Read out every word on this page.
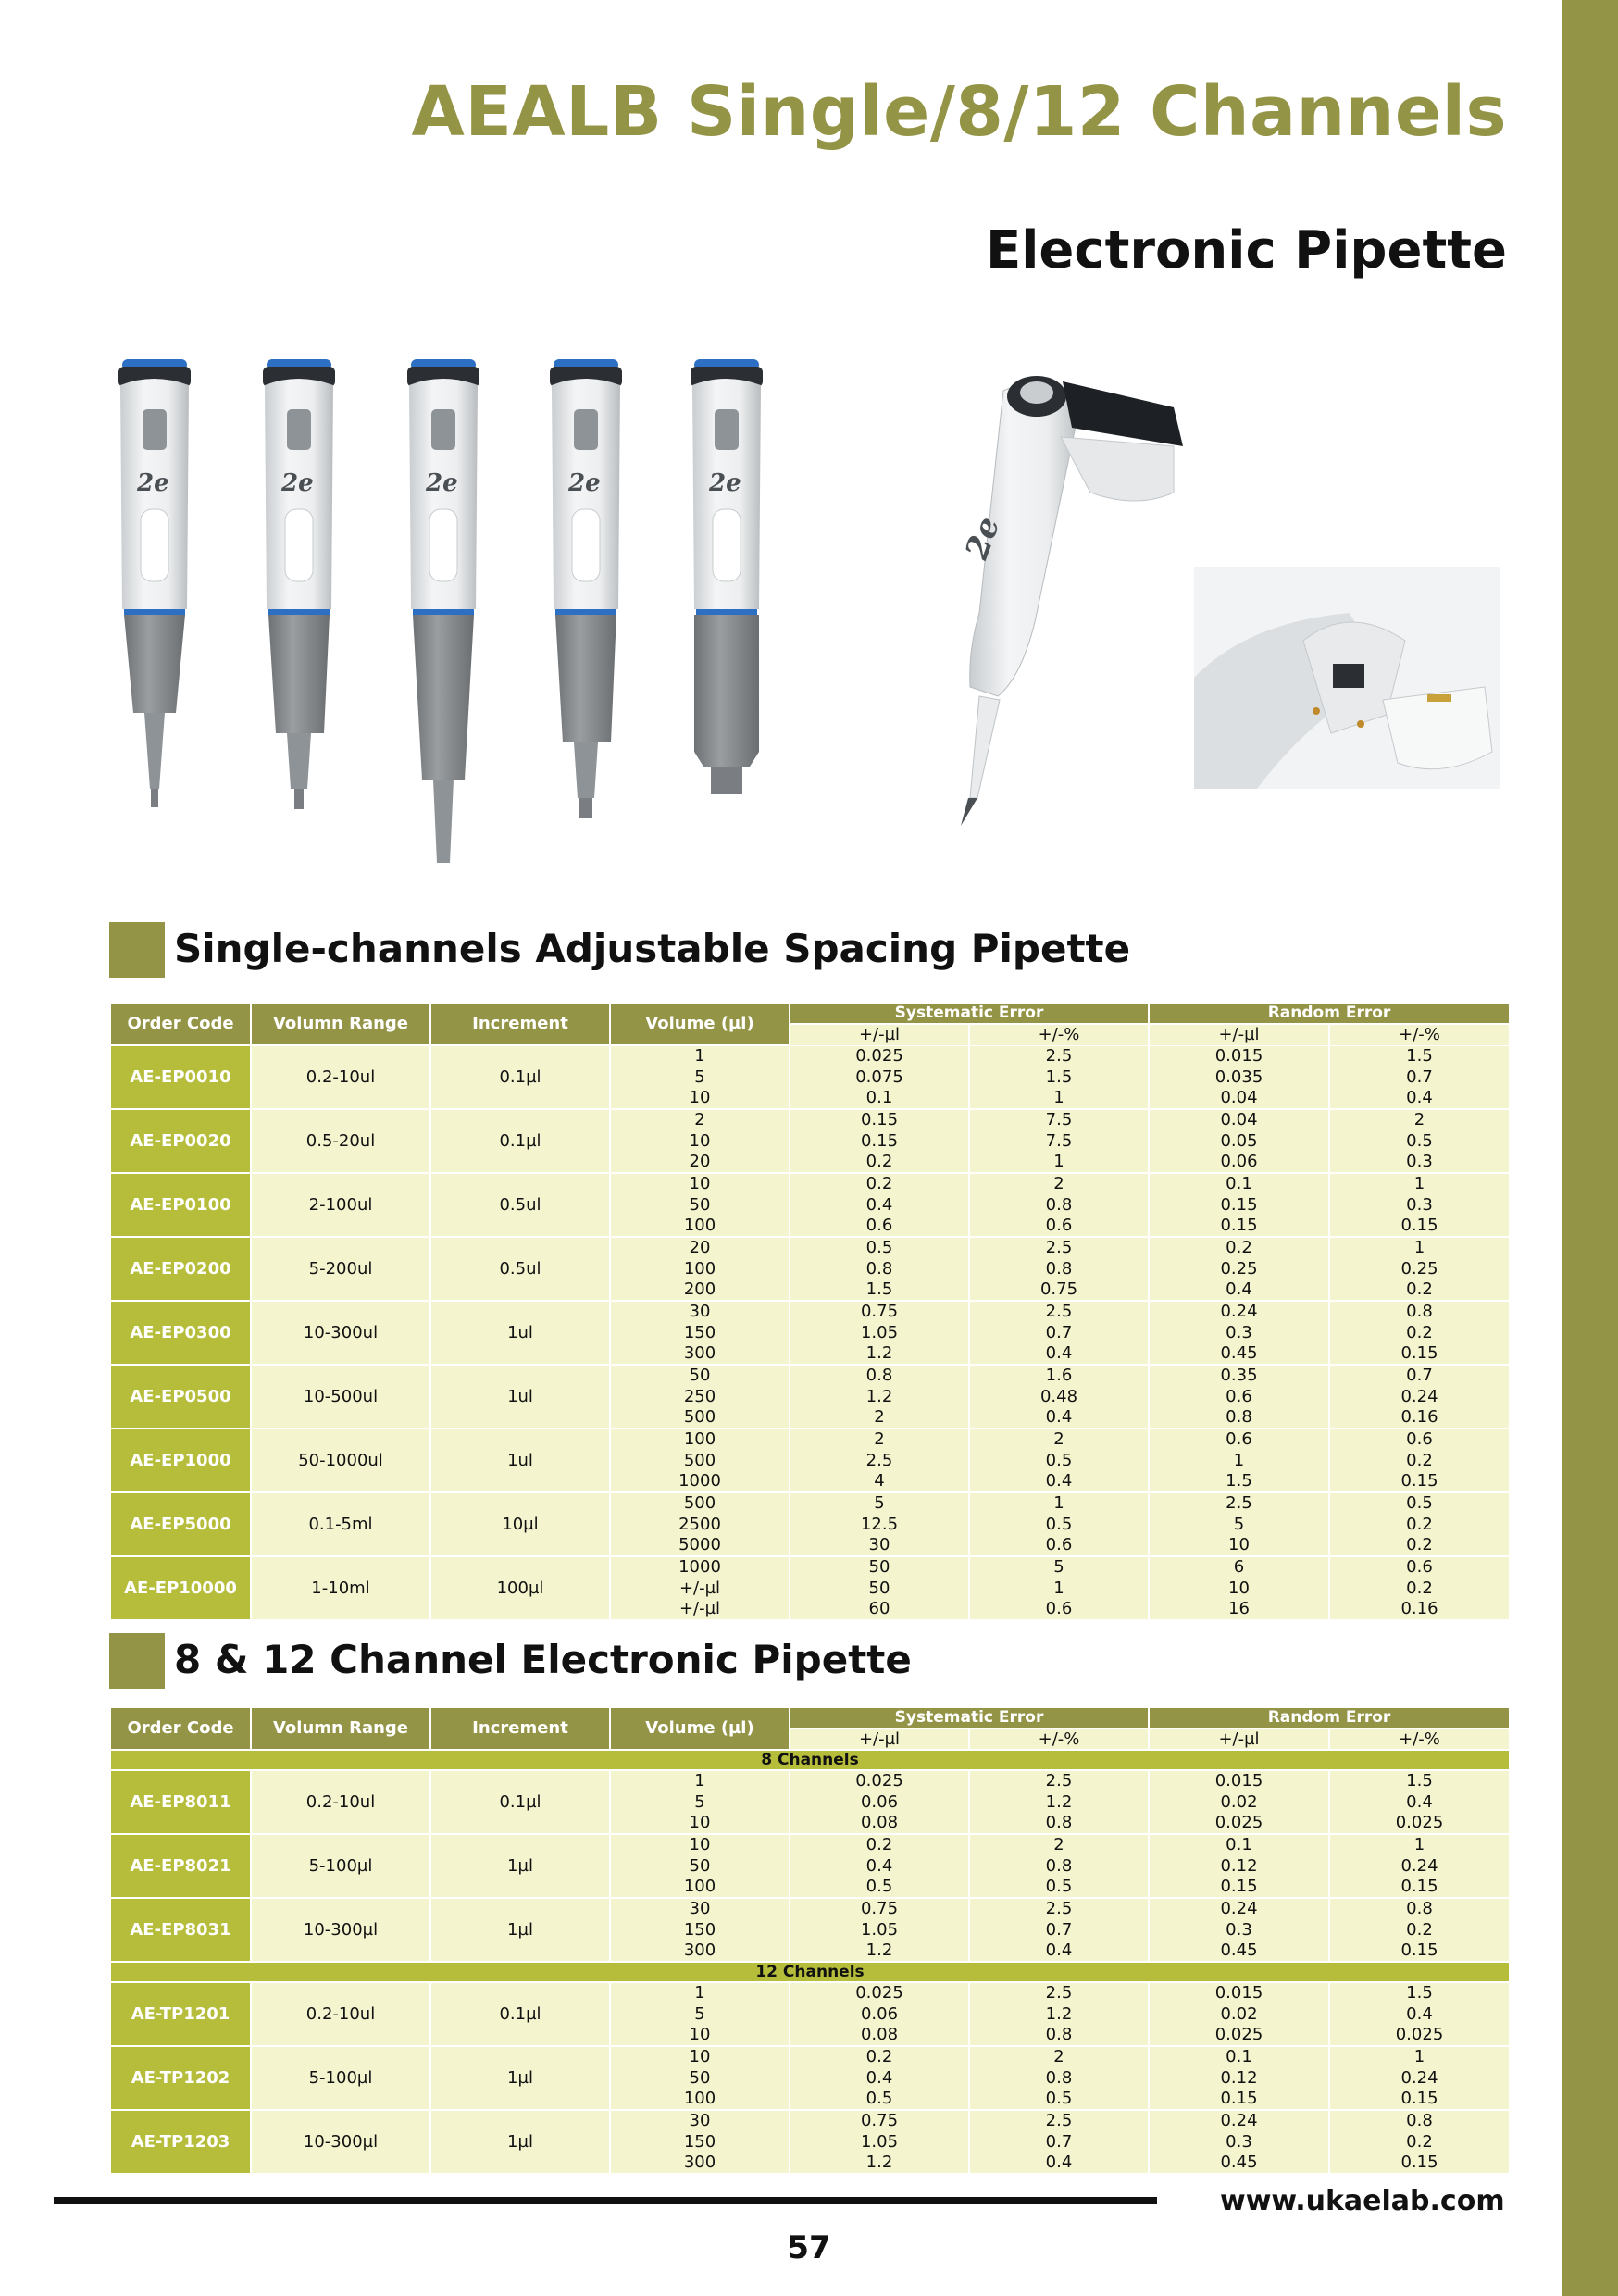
AEALB Single/8/12 Channels
Electronic Pipette
2e	2e	2e	2e	2e
2e
Single-channels Adjustable Spacing Pipette
Order Code	Volumn Range	Increment	Volume (µl)	Systematic Error		Random Error	
				+/-µl	+/-%	+/-µl	+/-%
AE-EP0010	0.2-10ul	0.1µl	1	0.025	2.5	0.015	1.5
			5	0.075	1.5	0.035	0.7
			10	0.1	1	0.04	0.4
AE-EP0020	0.5-20ul	0.1µl	2	0.15	7.5	0.04	2
			10	0.15	7.5	0.05	0.5
			20	0.2	1	0.06	0.3
AE-EP0100	2-100ul	0.5ul	10	0.2	2	0.1	1
			50	0.4	0.8	0.15	0.3
			100	0.6	0.6	0.15	0.15
AE-EP0200	5-200ul	0.5ul	20	0.5	2.5	0.2	1
			100	0.8	0.8	0.25	0.25
			200	1.5	0.75	0.4	0.2
AE-EP0300	10-300ul	1ul	30	0.75	2.5	0.24	0.8
			150	1.05	0.7	0.3	0.2
			300	1.2	0.4	0.45	0.15
AE-EP0500	10-500ul	1ul	50	0.8	1.6	0.35	0.7
			250	1.2	0.48	0.6	0.24
			500	2	0.4	0.8	0.16
AE-EP1000	50-1000ul	1ul	100	2	2	0.6	0.6
			500	2.5	0.5	1	0.2
			1000	4	0.4	1.5	0.15
AE-EP5000	0.1-5ml	10µl	500	5	1	2.5	0.5
			2500	12.5	0.5	5	0.2
			5000	30	0.6	10	0.2
AE-EP10000	1-10ml	100µl	1000	50	5	6	0.6
			+/-µl	50	1	10	0.2
			+/-µl	60	0.6	16	0.16
8 & 12 Channel Electronic Pipette
Order Code	Volumn Range	Increment	Volume (µl)	Systematic Error		Random Error	
				+/-µl	+/-%	+/-µl	+/-%
8 Channels							
AE-EP8011	0.2-10ul	0.1µl	1	0.025	2.5	0.015	1.5
			5	0.06	1.2	0.02	0.4
			10	0.08	0.8	0.025	0.025
AE-EP8021	5-100µl	1µl	10	0.2	2	0.1	1
			50	0.4	0.8	0.12	0.24
			100	0.5	0.5	0.15	0.15
AE-EP8031	10-300µl	1µl	30	0.75	2.5	0.24	0.8
			150	1.05	0.7	0.3	0.2
			300	1.2	0.4	0.45	0.15
12 Channels							
AE-TP1201	0.2-10ul	0.1µl	1	0.025	2.5	0.015	1.5
			5	0.06	1.2	0.02	0.4
			10	0.08	0.8	0.025	0.025
AE-TP1202	5-100µl	1µl	10	0.2	2	0.1	1
			50	0.4	0.8	0.12	0.24
			100	0.5	0.5	0.15	0.15
AE-TP1203	10-300µl	1µl	30	0.75	2.5	0.24	0.8
			150	1.05	0.7	0.3	0.2
			300	1.2	0.4	0.45	0.15
www.ukaelab.com
57
